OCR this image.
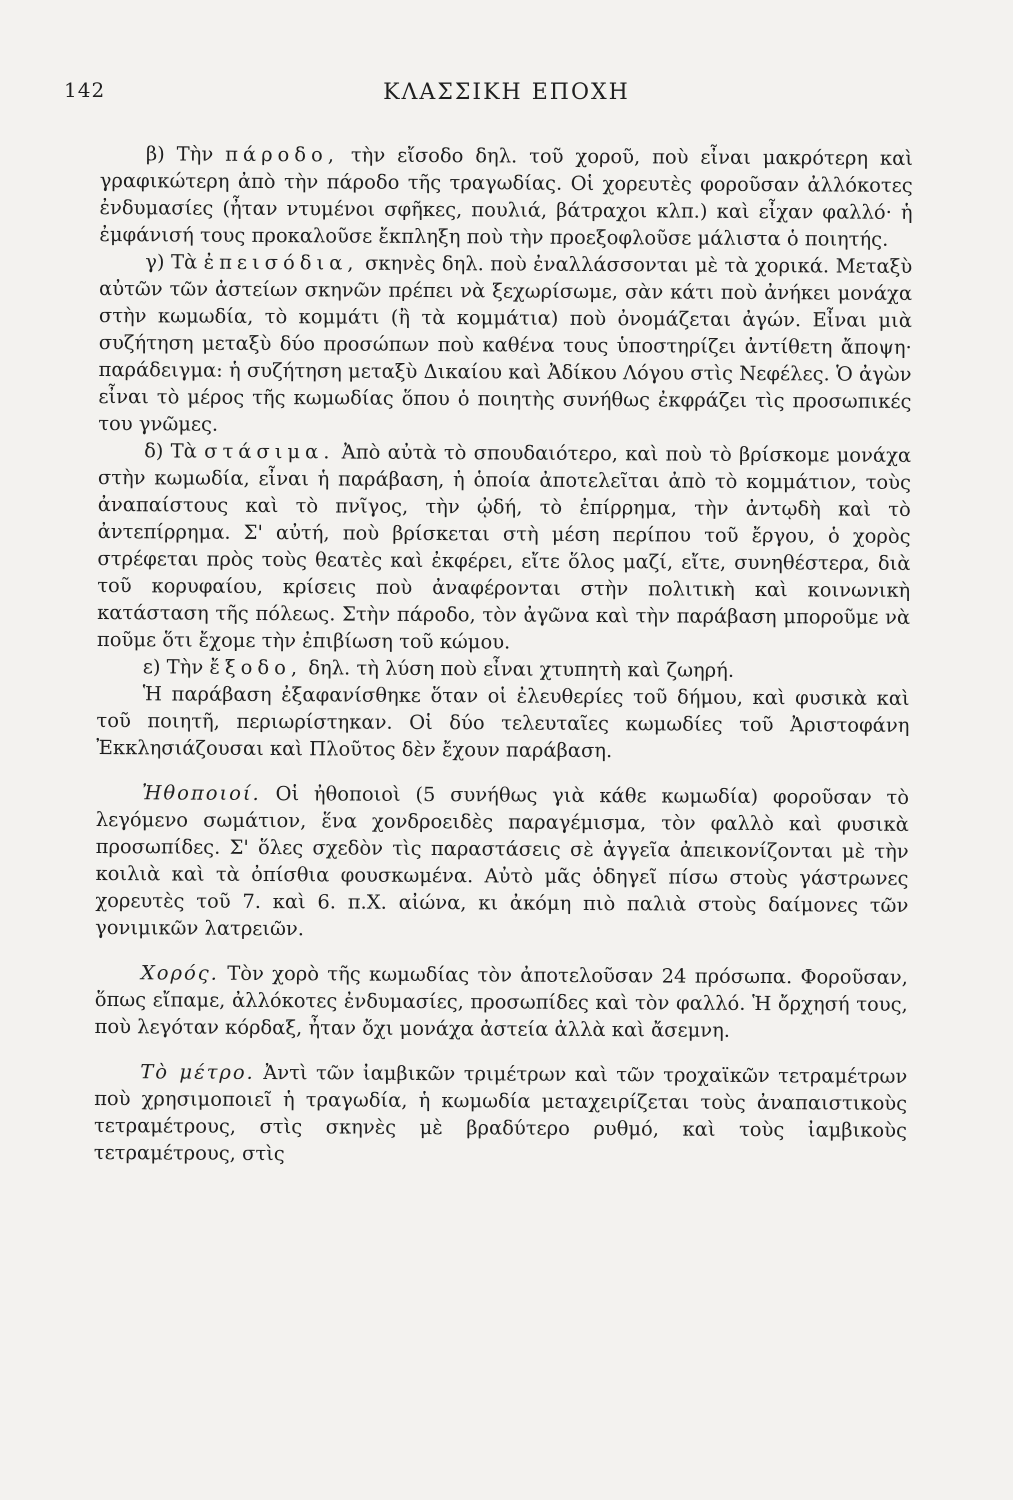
142	ΚΛΑΣΣΙΚΗ ΕΠΟΧΗ

β) Τὴν πάροδο, τὴν εἴσοδο δηλ. τοῦ χοροῦ, ποὺ εἶναι μακρότερη καὶ γραφικώτερη ἀπὸ τὴν πάροδο τῆς τραγωδίας. Οἱ χορευτὲς φοροῦσαν ἀλλόκοτες ἐνδυμασίες (ἦταν ντυμένοι σφῆκες, πουλιά, βάτραχοι κλπ.) καὶ εἶχαν φαλλό· ἡ ἐμφάνισή τους προκαλοῦσε ἔκπληξη ποὺ τὴν προεξοφλοῦσε μάλιστα ὁ ποιητής.

γ) Τὰ ἐπεισόδια, σκηνὲς δηλ. ποὺ ἐναλλάσσονται μὲ τὰ χορικά. Μεταξὺ αὐτῶν τῶν ἀστείων σκηνῶν πρέπει νὰ ξεχωρίσωμε, σὰν κάτι ποὺ ἀνήκει μονάχα στὴν κωμωδία, τὸ κομμάτι (ἢ τὰ κομμάτια) ποὺ ὀνομάζεται ἀγών. Εἶναι μιὰ συζήτηση μεταξὺ δύο προσώπων ποὺ καθένα τους ὑποστηρίζει ἀντίθετη ἄποψη· παράδειγμα: ἡ συζήτηση μεταξὺ Δικαίου καὶ Ἀδίκου Λόγου στὶς Νεφέλες. Ὁ ἀγὼν εἶναι τὸ μέρος τῆς κωμωδίας ὅπου ὁ ποιητὴς συνήθως ἐκφράζει τὶς προσωπικές του γνῶμες.

δ) Τὰ στάσιμα. Ἀπὸ αὐτὰ τὸ σπουδαιότερο, καὶ ποὺ τὸ βρίσκομε μονάχα στὴν κωμωδία, εἶναι ἡ παράβαση, ἡ ὁποία ἀποτελεῖται ἀπὸ τὸ κομμάτιον, τοὺς ἀναπαίστους καὶ τὸ πνῖγος, τὴν ᾠδή, τὸ ἐπίρρημα, τὴν ἀντῳδὴ καὶ τὸ ἀντεπίρρημα. Σ' αὐτή, ποὺ βρίσκεται στὴ μέση περίπου τοῦ ἔργου, ὁ χορὸς στρέφεται πρὸς τοὺς θεατὲς καὶ ἐκφέρει, εἴτε ὅλος μαζί, εἴτε, συνηθέστερα, διὰ τοῦ κορυφαίου, κρίσεις ποὺ ἀναφέρονται στὴν πολιτικὴ καὶ κοινωνικὴ κατάσταση τῆς πόλεως. Στὴν πάροδο, τὸν ἀγῶνα καὶ τὴν παράβαση μποροῦμε νὰ ποῦμε ὅτι ἔχομε τὴν ἐπιβίωση τοῦ κώμου.

ε) Τὴν ἔξοδο, δηλ. τὴ λύση ποὺ εἶναι χτυπητὴ καὶ ζωηρή.

Ἡ παράβαση ἐξαφανίσθηκε ὅταν οἱ ἐλευθερίες τοῦ δήμου, καὶ φυσικὰ καὶ τοῦ ποιητῆ, περιωρίστηκαν. Οἱ δύο τελευταῖες κωμωδίες τοῦ Ἀριστοφάνη Ἐκκλησιάζουσαι καὶ Πλοῦτος δὲν ἔχουν παράβαση.

Ἠθοποιοί. Οἱ ἠθοποιοὶ (5 συνήθως γιὰ κάθε κωμωδία) φοροῦσαν τὸ λεγόμενο σωμάτιον, ἕνα χονδροειδὲς παραγέμισμα, τὸν φαλλὸ καὶ φυσικὰ προσωπίδες. Σ' ὅλες σχεδὸν τὶς παραστάσεις σὲ ἀγγεῖα ἀπεικονίζονται μὲ τὴν κοιλιὰ καὶ τὰ ὀπίσθια φουσκωμένα. Αὐτὸ μᾶς ὁδηγεῖ πίσω στοὺς γάστρωνες χορευτὲς τοῦ 7. καὶ 6. π.Χ. αἰώνα, κι ἀκόμη πιὸ παλιὰ στοὺς δαίμονες τῶν γονιμικῶν λατρειῶν.

Χορός. Τὸν χορὸ τῆς κωμωδίας τὸν ἀποτελοῦσαν 24 πρόσωπα. Φοροῦσαν, ὅπως εἴπαμε, ἀλλόκοτες ἐνδυμασίες, προσωπίδες καὶ τὸν φαλλό. Ἡ ὄρχησή τους, ποὺ λεγόταν κόρδαξ, ἦταν ὄχι μονάχα ἀστεία ἀλλὰ καὶ ἄσεμνη.

Τὸ μέτρο. Ἀντὶ τῶν ἰαμβικῶν τριμέτρων καὶ τῶν τροχαϊκῶν τετραμέτρων ποὺ χρησιμοποιεῖ ἡ τραγωδία, ἡ κωμωδία μεταχειρίζεται τοὺς ἀναπαιστικοὺς τετραμέτρους, στὶς σκηνὲς μὲ βραδύτερο ρυθμό, καὶ τοὺς ἰαμβικοὺς τετραμέτρους, στὶς
